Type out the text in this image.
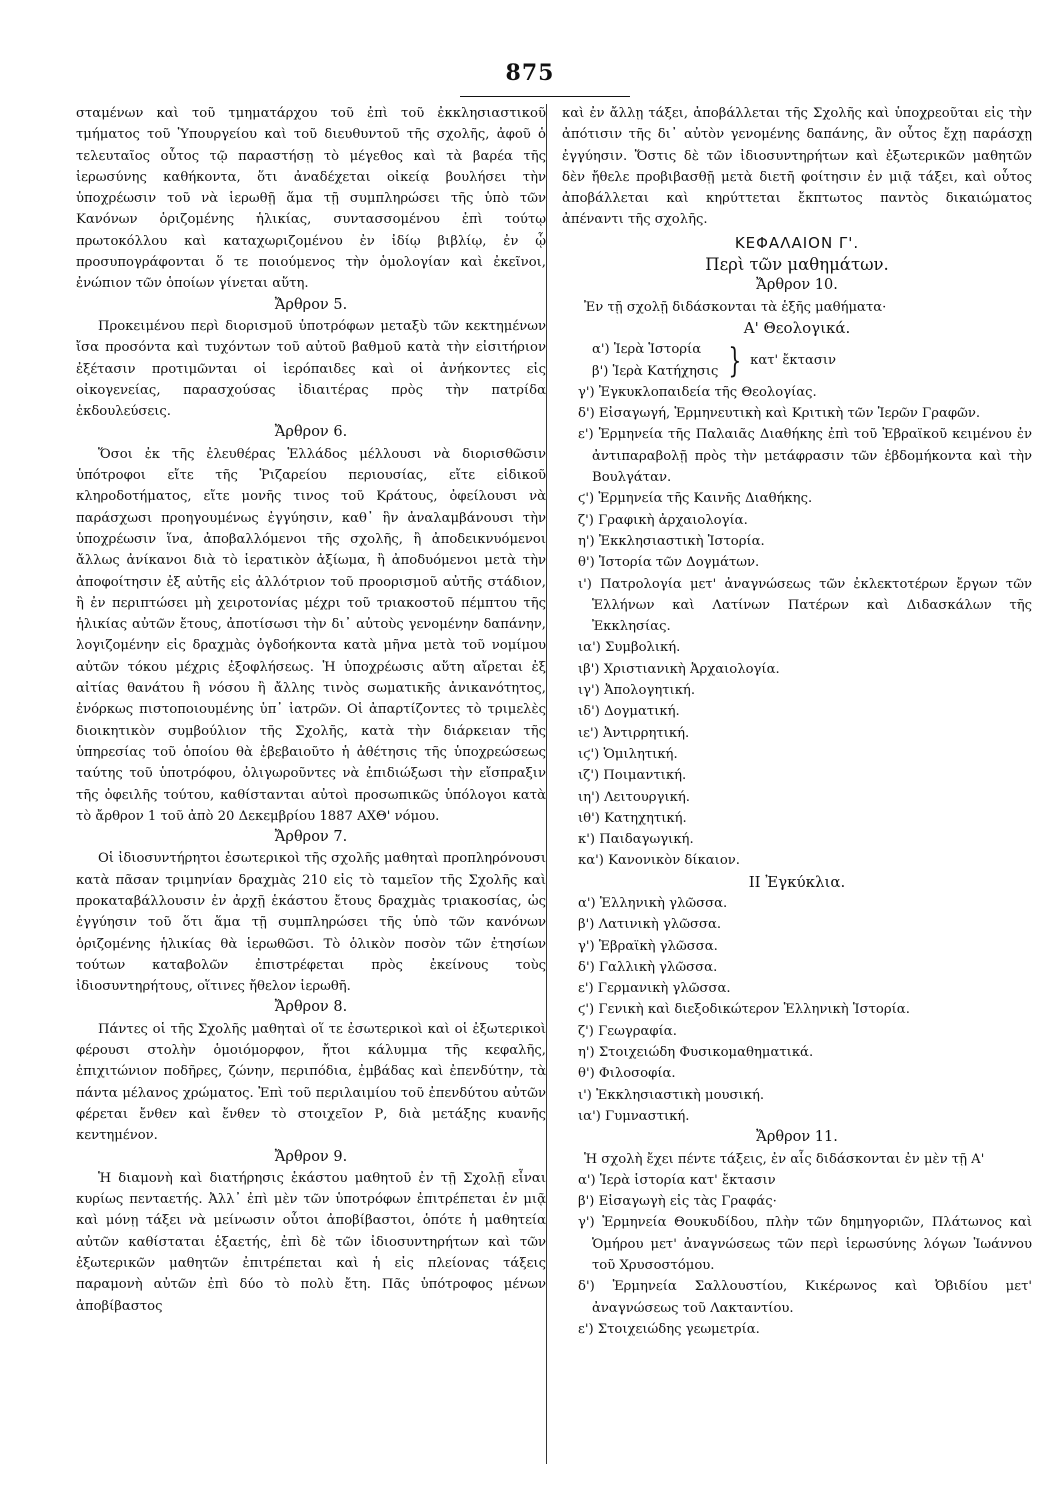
875

σταμένων καὶ τοῦ τμηματάρχου τοῦ ἐπὶ τοῦ ἐκκλησιαστικοῦ τμήματος τοῦ Ὑπουργείου καὶ τοῦ διευθυντοῦ τῆς σχολῆς, ἀφοῦ ὁ τελευταῖος οὗτος τῷ παραστήσῃ τὸ μέγεθος καὶ τὰ βαρέα τῆς ἱερωσύνης καθήκοντα, ὅτι ἀναδέχεται οἰκείᾳ βουλήσει τὴν ὑποχρέωσιν τοῦ νὰ ἱερωθῇ ἅμα τῇ συμπληρώσει τῆς ὑπὸ τῶν Κανόνων ὁριζομένης ἡλικίας, συντασσομένου ἐπὶ τούτῳ πρωτοκόλλου καὶ καταχωριζομένου ἐν ἰδίῳ βιβλίῳ, ἐν ᾧ προσυπογράφονται ὅ τε ποιούμενος τὴν ὁμολογίαν καὶ ἐκεῖνοι, ἐνώπιον τῶν ὁποίων γίνεται αὕτη.

Ἄρθρον 5.

Προκειμένου περὶ διορισμοῦ ὑποτρόφων μεταξὺ τῶν κεκτημένων ἴσα προσόντα καὶ τυχόντων τοῦ αὐτοῦ βαθμοῦ κατὰ τὴν εἰσιτήριον ἐξέτασιν προτιμῶνται οἱ ἱερόπαιδες καὶ οἱ ἀνήκοντες εἰς οἰκογενείας, παρασχούσας ἰδιαιτέρας πρὸς τὴν πατρίδα ἐκδουλεύσεις.

Ἄρθρον 6.

Ὅσοι ἐκ τῆς ἐλευθέρας Ἑλλάδος μέλλουσι νὰ διορισθῶσιν ὑπότροφοι εἴτε τῆς Ῥιζαρείου περιουσίας, εἴτε εἰδικοῦ κληροδοτήματος, εἴτε μονῆς τινος τοῦ Κράτους, ὀφείλουσι νὰ παράσχωσι προηγουμένως ἐγγύησιν, καθ᾿ ἣν ἀναλαμβάνουσι τὴν ὑποχρέωσιν ἵνα, ἀποβαλλόμενοι τῆς σχολῆς, ἢ ἀποδεικνυόμενοι ἄλλως ἀνίκανοι διὰ τὸ ἱερατικὸν ἀξίωμα, ἢ ἀποδυόμενοι μετὰ τὴν ἀποφοίτησιν ἐξ αὐτῆς εἰς ἀλλότριον τοῦ προορισμοῦ αὐτῆς στάδιον, ἢ ἐν περιπτώσει μὴ χειροτονίας μέχρι τοῦ τριακοστοῦ πέμπτου τῆς ἡλικίας αὐτῶν ἔτους, ἀποτίσωσι τὴν δι᾿ αὐτοὺς γενομένην δαπάνην, λογιζομένην εἰς δραχμὰς ὀγδοήκοντα κατὰ μῆνα μετὰ τοῦ νομίμου αὐτῶν τόκου μέχρις ἐξοφλήσεως. Ἡ ὑποχρέωσις αὕτη αἴρεται ἐξ αἰτίας θανάτου ἢ νόσου ἢ ἄλλης τινὸς σωματικῆς ἀνικανότητος, ἐνόρκως πιστοποιουμένης ὑπ᾿ ἰατρῶν. Οἱ ἀπαρτίζοντες τὸ τριμελὲς διοικητικὸν συμβούλιον τῆς Σχολῆς, κατὰ τὴν διάρκειαν τῆς ὑπηρεσίας τοῦ ὁποίου θὰ ἐβεβαιοῦτο ἡ ἀθέτησις τῆς ὑποχρεώσεως ταύτης τοῦ ὑποτρόφου, ὀλιγωροῦντες νὰ ἐπιδιώξωσι τὴν εἴσπραξιν τῆς ὀφειλῆς τούτου, καθίστανται αὐτοὶ προσωπικῶς ὑπόλογοι κατὰ τὸ ἄρθρον 1 τοῦ ἀπὸ 20 Δεκεμβρίου 1887 ΑΧΘ' νόμου.

Ἄρθρον 7.

Οἱ ἰδιοσυντήρητοι ἐσωτερικοὶ τῆς σχολῆς μαθηταὶ προπληρόνουσι κατὰ πᾶσαν τριμηνίαν δραχμὰς 210 εἰς τὸ ταμεῖον τῆς Σχολῆς καὶ προκαταβάλλουσιν ἐν ἀρχῇ ἑκάστου ἔτους δραχμὰς τριακοσίας, ὡς ἐγγύησιν τοῦ ὅτι ἅμα τῇ συμπληρώσει τῆς ὑπὸ τῶν κανόνων ὁριζομένης ἡλικίας θὰ ἱερωθῶσι. Τὸ ὁλικὸν ποσὸν τῶν ἐτησίων τούτων καταβολῶν ἐπιστρέφεται πρὸς ἐκείνους τοὺς ἰδιοσυντηρήτους, οἵτινες ἤθελον ἱερωθῆ.

Ἄρθρον 8.

Πάντες οἱ τῆς Σχολῆς μαθηταὶ οἵ τε ἐσωτερικοὶ καὶ οἱ ἐξωτερικοὶ φέρουσι στολὴν ὁμοιόμορφον, ἤτοι κάλυμμα τῆς κεφαλῆς, ἐπιχιτώνιον ποδῆρες, ζώνην, περιπόδια, ἐμβάδας καὶ ἐπενδύτην, τὰ πάντα μέλανος χρώματος. Ἐπὶ τοῦ περιλαιμίου τοῦ ἐπενδύτου αὐτῶν φέρεται ἔνθεν καὶ ἔνθεν τὸ στοιχεῖον Ρ, διὰ μετάξης κυανῆς κεντημένον.

Ἄρθρον 9.

Ἡ διαμονὴ καὶ διατήρησις ἑκάστου μαθητοῦ ἐν τῇ Σχολῇ εἶναι κυρίως πενταετής. Ἀλλ᾿ ἐπὶ μὲν τῶν ὑποτρόφων ἐπιτρέπεται ἐν μιᾷ καὶ μόνῃ τάξει νὰ μείνωσιν οὗτοι ἀποβίβαστοι, ὁπότε ἡ μαθητεία αὐτῶν καθίσταται ἑξαετής, ἐπὶ δὲ τῶν ἰδιοσυντηρήτων καὶ τῶν ἐξωτερικῶν μαθητῶν ἐπιτρέπεται καὶ ἡ εἰς πλείονας τάξεις παραμονὴ αὐτῶν ἐπὶ δύο τὸ πολὺ ἔτη. Πᾶς ὑπότροφος μένων ἀποβίβαστος

καὶ ἐν ἄλλῃ τάξει, ἀποβάλλεται τῆς Σχολῆς καὶ ὑποχρεοῦται εἰς τὴν ἀπότισιν τῆς δι᾿ αὐτὸν γενομένης δαπάνης, ἂν οὗτος ἔχῃ παράσχῃ ἐγγύησιν. Ὅστις δὲ τῶν ἰδιοσυντηρήτων καὶ ἐξωτερικῶν μαθητῶν δὲν ἤθελε προβιβασθῇ μετὰ διετῆ φοίτησιν ἐν μιᾷ τάξει, καὶ οὗτος ἀποβάλλεται καὶ κηρύττεται ἔκπτωτος παντὸς δικαιώματος ἀπέναντι τῆς σχολῆς.

ΚΕΦΑΛΑΙΟΝ Γ'.

Περὶ τῶν μαθημάτων.

Ἄρθρον 10.

Ἐν τῇ σχολῇ διδάσκονται τὰ ἑξῆς μαθήματα·

Α' Θεολογικά.

α') Ἱερὰ Ἱστορία
β') Ἱερὰ Κατήχησις } κατ' ἔκτασιν

γ') Ἐγκυκλοπαιδεία τῆς Θεολογίας.

δ') Εἰσαγωγή, Ἑρμηνευτικὴ καὶ Κριτικὴ τῶν Ἱερῶν Γραφῶν.

ε') Ἑρμηνεία τῆς Παλαιᾶς Διαθήκης ἐπὶ τοῦ Ἑβραϊκοῦ κειμένου ἐν ἀντιπαραβολῇ πρὸς τὴν μετάφρασιν τῶν ἑβδομήκοντα καὶ τὴν Βουλγάταν.

ϛ') Ἑρμηνεία τῆς Καινῆς Διαθήκης.

ζ') Γραφικὴ ἀρχαιολογία.

η') Ἐκκλησιαστικὴ Ἱστορία.

θ') Ἱστορία τῶν Δογμάτων.

ι') Πατρολογία μετ' ἀναγνώσεως τῶν ἐκλεκτοτέρων ἔργων τῶν Ἑλλήνων καὶ Λατίνων Πατέρων καὶ Διδασκάλων τῆς Ἐκκλησίας.

ια') Συμβολική.

ιβ') Χριστιανικὴ Ἀρχαιολογία.

ιγ') Ἀπολογητική.

ιδ') Δογματική.

ιε') Ἀντιρρητική.

ιϛ') Ὁμιλητική.

ιζ') Ποιμαντική.

ιη') Λειτουργική.

ιθ') Κατηχητική.

κ') Παιδαγωγική.

κα') Κανονικὸν δίκαιον.

ΙΙ Ἐγκύκλια.

α') Ἑλληνικὴ γλῶσσα.

β') Λατινικὴ γλῶσσα.

γ') Ἑβραϊκὴ γλῶσσα.

δ') Γαλλικὴ γλῶσσα.

ε') Γερμανικὴ γλῶσσα.

ϛ') Γενικὴ καὶ διεξοδικώτερον Ἑλληνικὴ Ἱστορία.

ζ') Γεωγραφία.

η') Στοιχειώδη Φυσικομαθηματικά.

θ') Φιλοσοφία.

ι') Ἐκκλησιαστικὴ μουσική.

ια') Γυμναστική.

Ἄρθρον 11.

Ἡ σχολὴ ἔχει πέντε τάξεις, ἐν αἷς διδάσκονται ἐν μὲν τῇ Α'

α') Ἱερὰ ἱστορία κατ' ἔκτασιν

β') Εἰσαγωγὴ εἰς τὰς Γραφάς·

γ') Ἑρμηνεία Θουκυδίδου, πλὴν τῶν δημηγοριῶν, Πλάτωνος καὶ Ὁμήρου μετ' ἀναγνώσεως τῶν περὶ ἱερωσύνης λόγων Ἰωάννου τοῦ Χρυσοστόμου.

δ') Ἑρμηνεία Σαλλουστίου, Κικέρωνος καὶ Ὀβιδίου μετ' ἀναγνώσεως τοῦ Λακταντίου.

ε') Στοιχειώδης γεωμετρία.
